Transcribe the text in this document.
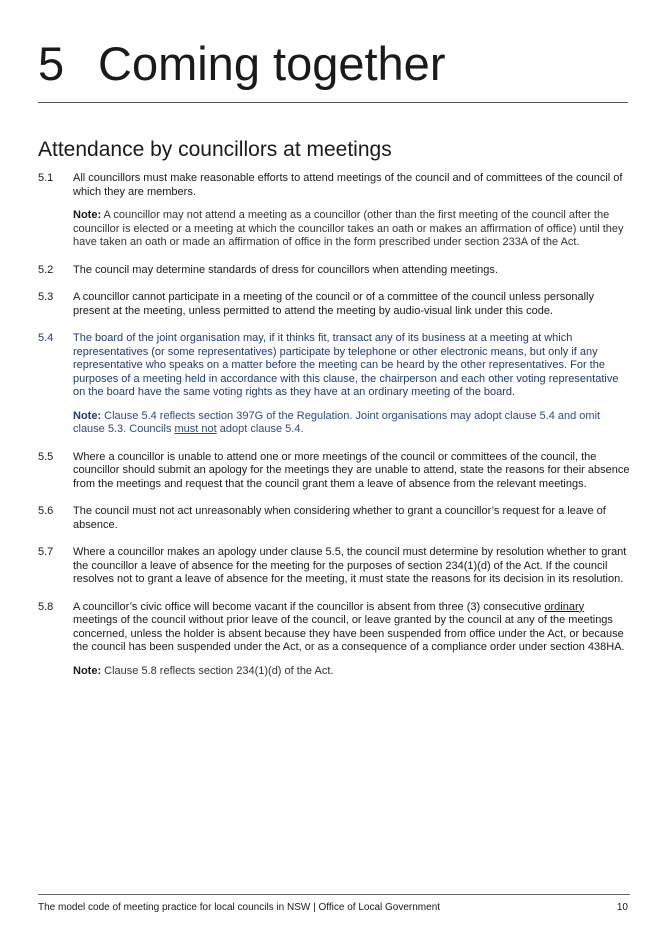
5 Coming together
Attendance by councillors at meetings
5.1 All councillors must make reasonable efforts to attend meetings of the council and of committees of the council of which they are members.

Note: A councillor may not attend a meeting as a councillor (other than the first meeting of the council after the councillor is elected or a meeting at which the councillor takes an oath or makes an affirmation of office) until they have taken an oath or made an affirmation of office in the form prescribed under section 233A of the Act.

5.2 The council may determine standards of dress for councillors when attending meetings.

5.3 A councillor cannot participate in a meeting of the council or of a committee of the council unless personally present at the meeting, unless permitted to attend the meeting by audio-visual link under this code.

5.4 The board of the joint organisation may, if it thinks fit, transact any of its business at a meeting at which representatives (or some representatives) participate by telephone or other electronic means, but only if any representative who speaks on a matter before the meeting can be heard by the other representatives. For the purposes of a meeting held in accordance with this clause, the chairperson and each other voting representative on the board have the same voting rights as they have at an ordinary meeting of the board.

Note: Clause 5.4 reflects section 397G of the Regulation. Joint organisations may adopt clause 5.4 and omit clause 5.3. Councils must not adopt clause 5.4.

5.5 Where a councillor is unable to attend one or more meetings of the council or committees of the council, the councillor should submit an apology for the meetings they are unable to attend, state the reasons for their absence from the meetings and request that the council grant them a leave of absence from the relevant meetings.

5.6 The council must not act unreasonably when considering whether to grant a councillor’s request for a leave of absence.

5.7 Where a councillor makes an apology under clause 5.5, the council must determine by resolution whether to grant the councillor a leave of absence for the meeting for the purposes of section 234(1)(d) of the Act. If the council resolves not to grant a leave of absence for the meeting, it must state the reasons for its decision in its resolution.

5.8 A councillor’s civic office will become vacant if the councillor is absent from three (3) consecutive ordinary meetings of the council without prior leave of the council, or leave granted by the council at any of the meetings concerned, unless the holder is absent because they have been suspended from office under the Act, or because the council has been suspended under the Act, or as a consequence of a compliance order under section 438HA.

Note: Clause 5.8 reflects section 234(1)(d) of the Act.

The model code of meeting practice for local councils in NSW | Office of Local Government	10
